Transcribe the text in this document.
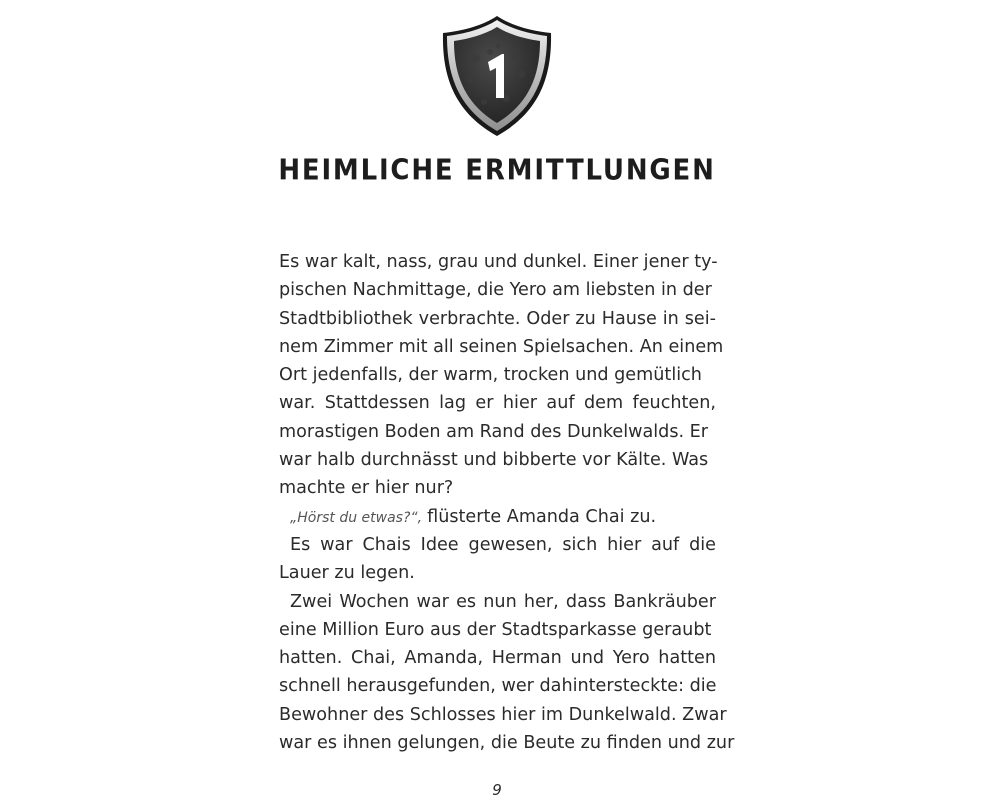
HEIMLICHE ERMITTLUNGEN
Es war kalt, nass, grau und dunkel. Einer jener ty-
pischen Nachmittage, die Yero am liebsten in der
Stadtbibliothek verbrachte. Oder zu Hause in sei-
nem Zimmer mit all seinen Spielsachen. An einem
Ort jedenfalls, der warm, trocken und gemütlich
war. Stattdessen lag er hier auf dem feuchten,
morastigen Boden am Rand des Dunkelwalds. Er
war halb durchnässt und bibberte vor Kälte. Was
machte er hier nur?
„Hörst du etwas?“, flüsterte Amanda Chai zu.
Es war Chais Idee gewesen, sich hier auf die
Lauer zu legen.
Zwei Wochen war es nun her, dass Bankräuber
eine Million Euro aus der Stadtsparkasse geraubt
hatten. Chai, Amanda, Herman und Yero hatten
schnell herausgefunden, wer dahintersteckte: die
Bewohner des Schlosses hier im Dunkelwald. Zwar
war es ihnen gelungen, die Beute zu finden und zur
9
